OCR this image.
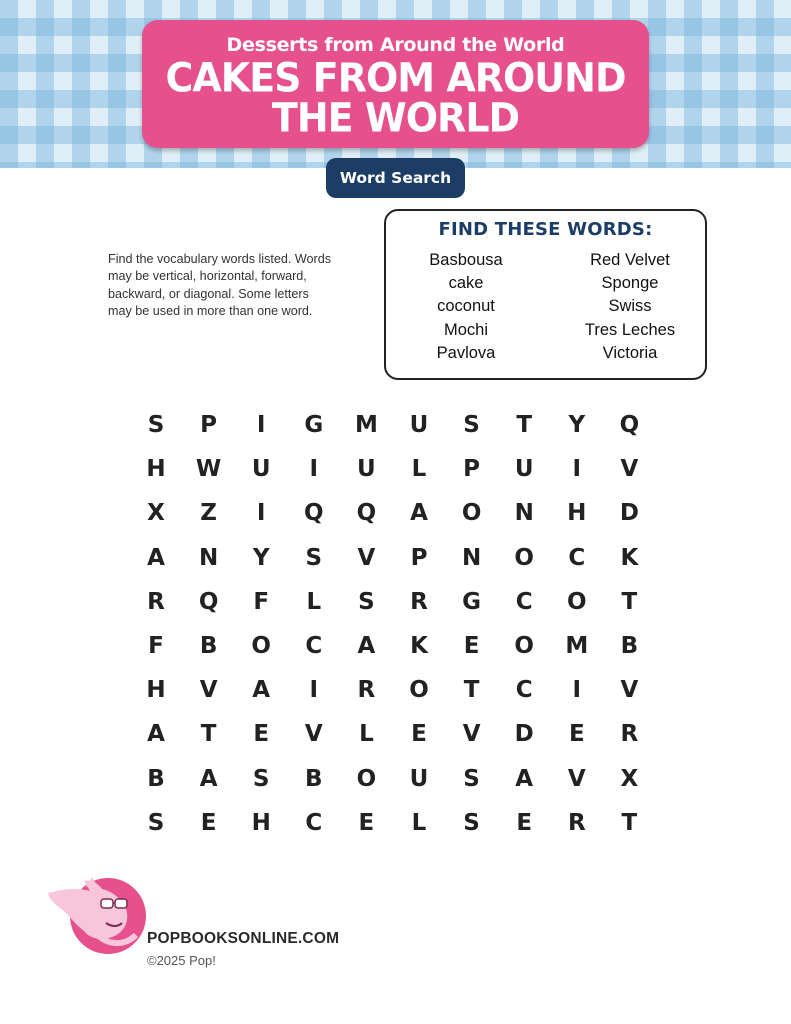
Desserts from Around the World
CAKES FROM AROUND
THE WORLD
Word Search
Find the vocabulary words listed. Words may be vertical, horizontal, forward, backward, or diagonal. Some letters may be used in more than one word.
FIND THESE WORDS:
Basbousa
cake
coconut
Mochi
Pavlova
Red Velvet
Sponge
Swiss
Tres Leches
Victoria
S	P	I	G	M	U	S	T	Y	Q
H	W	U	I	U	L	P	U	I	V
X	Z	I	Q	Q	A	O	N	H	D
A	N	Y	S	V	P	N	O	C	K
R	Q	F	L	S	R	G	C	O	T
F	B	O	C	A	K	E	O	M	B
H	V	A	I	R	O	T	C	I	V
A	T	E	V	L	E	V	D	E	R
B	A	S	B	O	U	S	A	V	X
S	E	H	C	E	L	S	E	R	T
POPBOOKSONLINE.COM
©2025 Pop!
